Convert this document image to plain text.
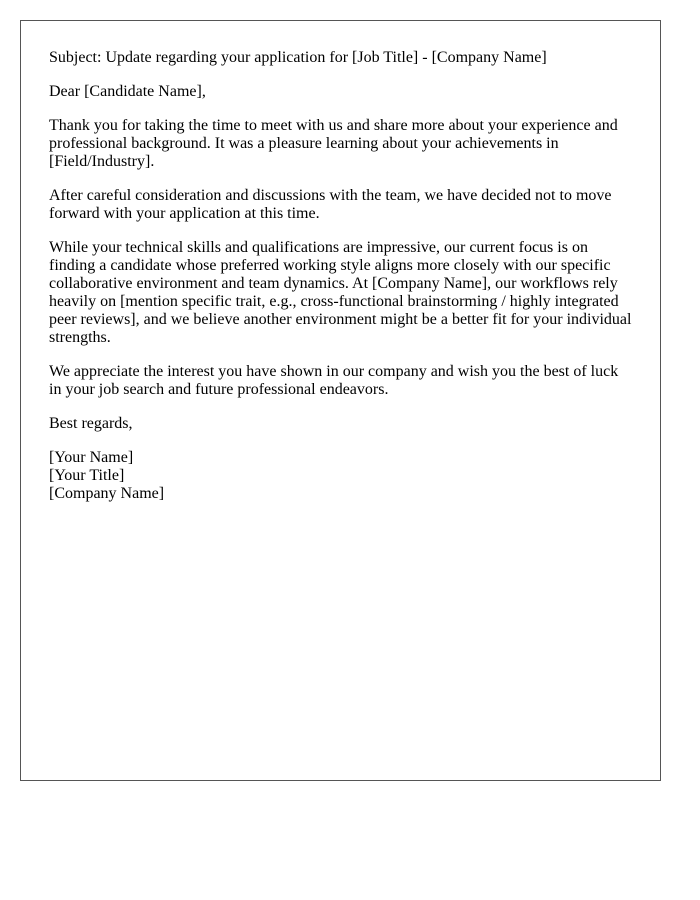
Subject: Update regarding your application for [Job Title] - [Company Name]

Dear [Candidate Name],

Thank you for taking the time to meet with us and share more about your experience and professional background. It was a pleasure learning about your achievements in [Field/Industry].

After careful consideration and discussions with the team, we have decided not to move forward with your application at this time.

While your technical skills and qualifications are impressive, our current focus is on finding a candidate whose preferred working style aligns more closely with our specific collaborative environment and team dynamics. At [Company Name], our workflows rely heavily on [mention specific trait, e.g., cross-functional brainstorming / highly integrated peer reviews], and we believe another environment might be a better fit for your individual strengths.

We appreciate the interest you have shown in our company and wish you the best of luck in your job search and future professional endeavors.

Best regards,

[Your Name]
[Your Title]
[Company Name]
